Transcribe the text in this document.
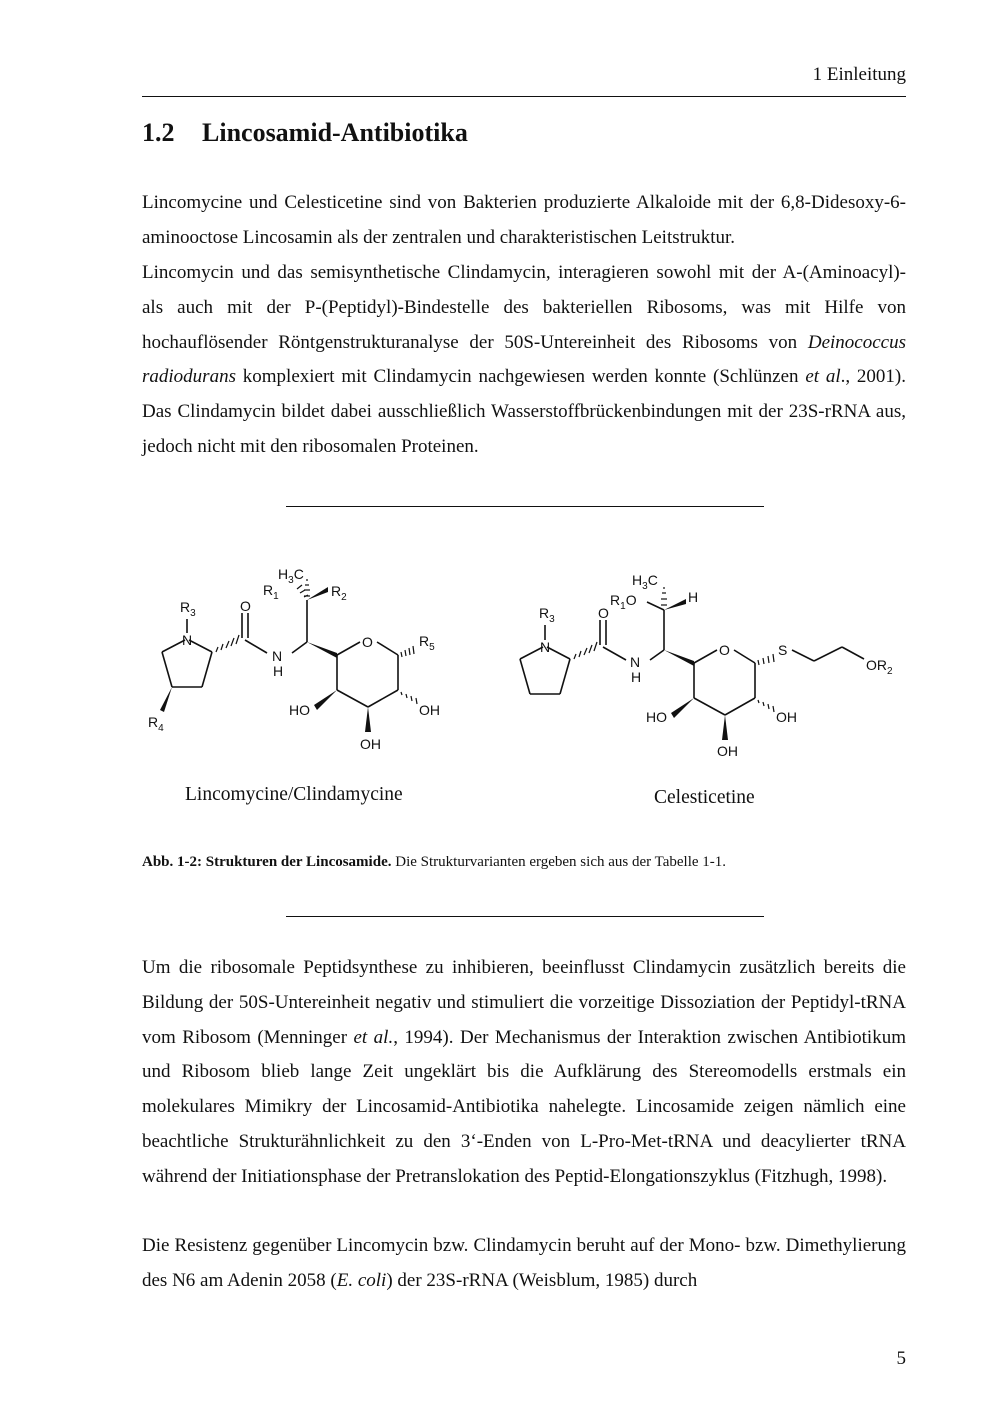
1 Einleitung
1.2 Lincosamid-Antibiotika

Lincomycine und Celesticetine sind von Bakterien produzierte Alkaloide mit der 6,8-Didesoxy-6-aminooctose Lincosamin als der zentralen und charakteristischen Leitstruktur.

Lincomycin und das semisynthetische Clindamycin, interagieren sowohl mit der A-(Aminoacyl)- als auch mit der P-(Peptidyl)-Bindestelle des bakteriellen Ribosoms, was mit Hilfe von hochauflösender Röntgenstrukturanalyse der 50S-Untereinheit des Ribosoms von Deinococcus radiodurans komplexiert mit Clindamycin nachgewiesen werden konnte (Schlünzen et al., 2001). Das Clindamycin bildet dabei ausschließlich Wasserstoffbrückenbindungen mit der 23S-rRNA aus, jedoch nicht mit den ribosomalen Proteinen.

$R_3$
N
O
N
H
$R_1$
$H_3C$
$R_2$
O	$R_5$
HO	OH
OH
$R_4$
$R_3$
N
O
N
H
$H_3C$
$R_1O$	H
O	S
$OR_2$
HO	OH
OH
Lincomycine/Clindamycine	Celesticetine

Abb. 1-2: Strukturen der Lincosamide. Die Strukturvarianten ergeben sich aus der Tabelle 1-1.

Um die ribosomale Peptidsynthese zu inhibieren, beeinflusst Clindamycin zusätzlich bereits die Bildung der 50S-Untereinheit negativ und stimuliert die vorzeitige Dissoziation der Peptidyl-tRNA vom Ribosom (Menninger et al., 1994). Der Mechanismus der Interaktion zwischen Antibiotikum und Ribosom blieb lange Zeit ungeklärt bis die Aufklärung des Stereomodells erstmals ein molekulares Mimikry der Lincosamid-Antibiotika nahelegte. Lincosamide zeigen nämlich eine beachtliche Strukturähnlichkeit zu den 3‘-Enden von L-Pro-Met-tRNA und deacylierter tRNA während der Initiationsphase der Pretranslokation des Peptid-Elongationszyklus (Fitzhugh, 1998).

Die Resistenz gegenüber Lincomycin bzw. Clindamycin beruht auf der Mono- bzw. Dimethylierung des N6 am Adenin 2058 (E. coli) der 23S-rRNA (Weisblum, 1985) durch

5
